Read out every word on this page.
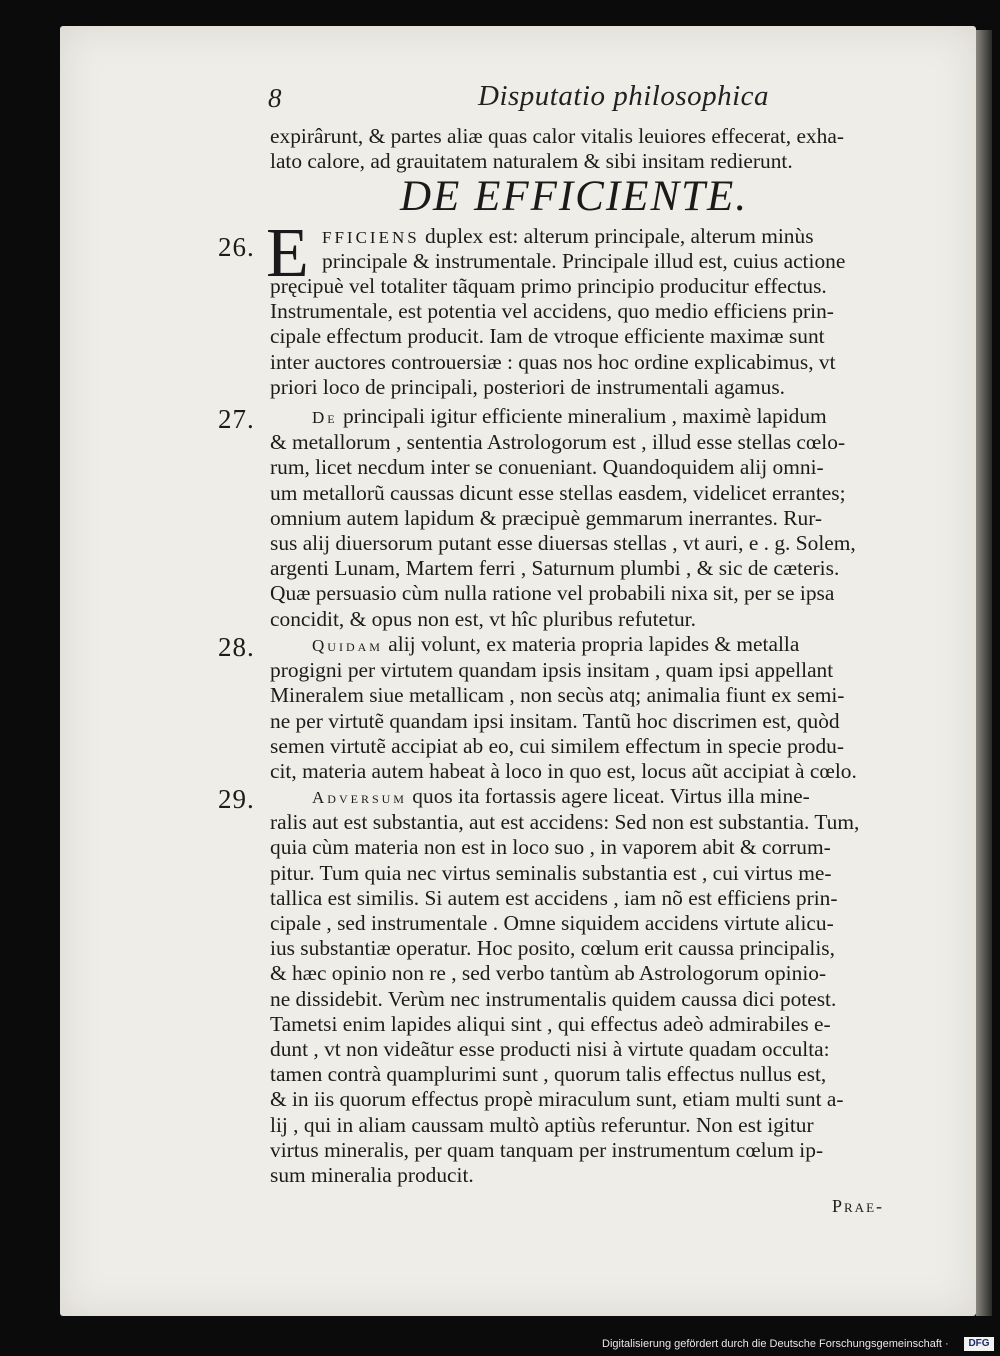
8	Disputatio philosophica
expirârunt, & partes aliæ quas calor vitalis leuiores effecerat, exha-
lato calore, ad grauitatem naturalem & sibi insitam redierunt.
DE EFFICIENTE.
26. E FFICIENS duplex est: alterum principale, alterum minùs
principale & instrumentale. Principale illud est, cuius actione
pręcipuè vel totaliter tãquam primo principio producitur effectus.
Instrumentale, est potentia vel accidens, quo medio efficiens prin-
cipale effectum producit. Iam de vtroque efficiente maximæ sunt
inter auctores controuersiæ : quas nos hoc ordine explicabimus, vt
priori loco de principali, posteriori de instrumentali agamus.
27.	De principali igitur efficiente mineralium , maximè lapidum
& metallorum , sententia Astrologorum est , illud esse stellas cœlo-
rum, licet necdum inter se conueniant. Quandoquidem alij omni-
um metallorũ caussas dicunt esse stellas easdem, videlicet errantes;
omnium autem lapidum & præcipuè gemmarum inerrantes. Rur-
sus alij diuersorum putant esse diuersas stellas , vt auri, e . g. Solem,
argenti Lunam, Martem ferri , Saturnum plumbi , & sic de cæteris.
Quæ persuasio cùm nulla ratione vel probabili nixa sit, per se ipsa
concidit, & opus non est, vt hîc pluribus refutetur.
28.	Quidam alij volunt, ex materia propria lapides & metalla
progigni per virtutem quandam ipsis insitam , quam ipsi appellant
Mineralem siue metallicam , non secùs atq; animalia fiunt ex semi-
ne per virtutẽ quandam ipsi insitam. Tantũ hoc discrimen est, quòd
semen virtutẽ accipiat ab eo, cui similem effectum in specie produ-
cit, materia autem habeat à loco in quo est, locus aũt accipiat à cœlo.
29.	Adversum quos ita fortassis agere liceat. Virtus illa mine-
ralis aut est substantia, aut est accidens: Sed non est substantia. Tum,
quia cùm materia non est in loco suo , in vaporem abit & corrum-
pitur. Tum quia nec virtus seminalis substantia est , cui virtus me-
tallica est similis. Si autem est accidens , iam nõ est efficiens prin-
cipale , sed instrumentale . Omne siquidem accidens virtute alicu-
ius substantiæ operatur. Hoc posito, cœlum erit caussa principalis,
& hæc opinio non re , sed verbo tantùm ab Astrologorum opinio-
ne dissidebit. Verùm nec instrumentalis quidem caussa dici potest.
Tametsi enim lapides aliqui sint , qui effectus adeò admirabiles e-
dunt , vt non videãtur esse producti nisi à virtute quadam occulta:
tamen contrà quamplurimi sunt , quorum talis effectus nullus est,
& in iis quorum effectus propè miraculum sunt, etiam multi sunt a-
lij , qui in aliam caussam multò aptiùs referuntur. Non est igitur
virtus mineralis, per quam tanquam per instrumentum cœlum ip-
sum mineralia producit.
Prae-
Digitalisierung gefördert durch die Deutsche Forschungsgemeinschaft ·	DFG
